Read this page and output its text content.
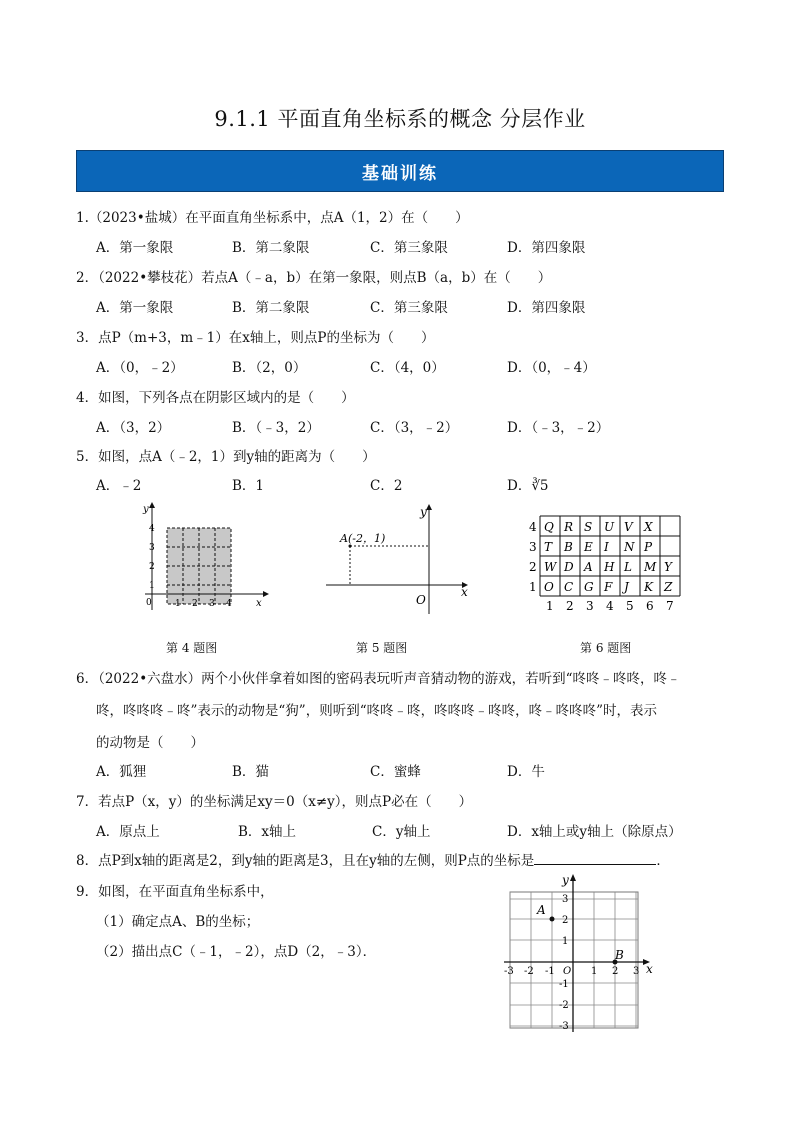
9.1.1 平面直角坐标系的概念 分层作业
基础训练
1.（2023•盐城）在平面直角坐标系中，点A（1，2）在（　　）
A．第一象限	B．第二象限	C．第三象限	D．第四象限
2．（2022•攀枝花）若点A（﹣a，b）在第一象限，则点B（a，b）在（　　）
A．第一象限	B．第二象限	C．第三象限	D．第四象限
3．点P（m+3，m﹣1）在x轴上，则点P的坐标为（　　）
A．（0，﹣2）	B．（2，0）	C．（4，0）	D．（0，﹣4）
4．如图，下列各点在阴影区域内的是（　　）
A．（3，2）	B．（﹣3，2）	C．（3，﹣2）	D．（﹣3，﹣2）
5．如图，点A（﹣2，1）到y轴的距离为（　　）
A．﹣2	B．1	C．2	D．∛5
y
x
0
4
3
2
1
1 2 3 4
第 4 题图
A(-2，1)
y
x
O
第 5 题图
4 Q R S U V X
3 T B E I N P
2 W D A H L M Y
1 O C G F J K Z
1 2 3 4 5 6 7
第 6 题图
6．（2022•六盘水）两个小伙伴拿着如图的密码表玩听声音猜动物的游戏，若听到“咚咚﹣咚咚，咚﹣
咚，咚咚咚﹣咚”表示的动物是“狗”，则听到“咚咚﹣咚，咚咚咚﹣咚咚，咚﹣咚咚咚”时，表示
的动物是（　　）
A．狐狸	B．猫	C．蜜蜂	D．牛
7．若点P（x，y）的坐标满足xy＝0（x≠y），则点P必在（　　）
A．原点上	B．x轴上	C．y轴上	D．x轴上或y轴上（除原点）
8．点P到x轴的距离是2，到y轴的距离是3，且在y轴的左侧，则P点的坐标是	．
9．如图，在平面直角坐标系中，
（1）确定点A、B的坐标；
（2）描出点C（﹣1，﹣2），点D（2，﹣3）．
A
B
y
x
-3 -2 -1 O 1 2 3
3
2
1
-1
-2
-3
